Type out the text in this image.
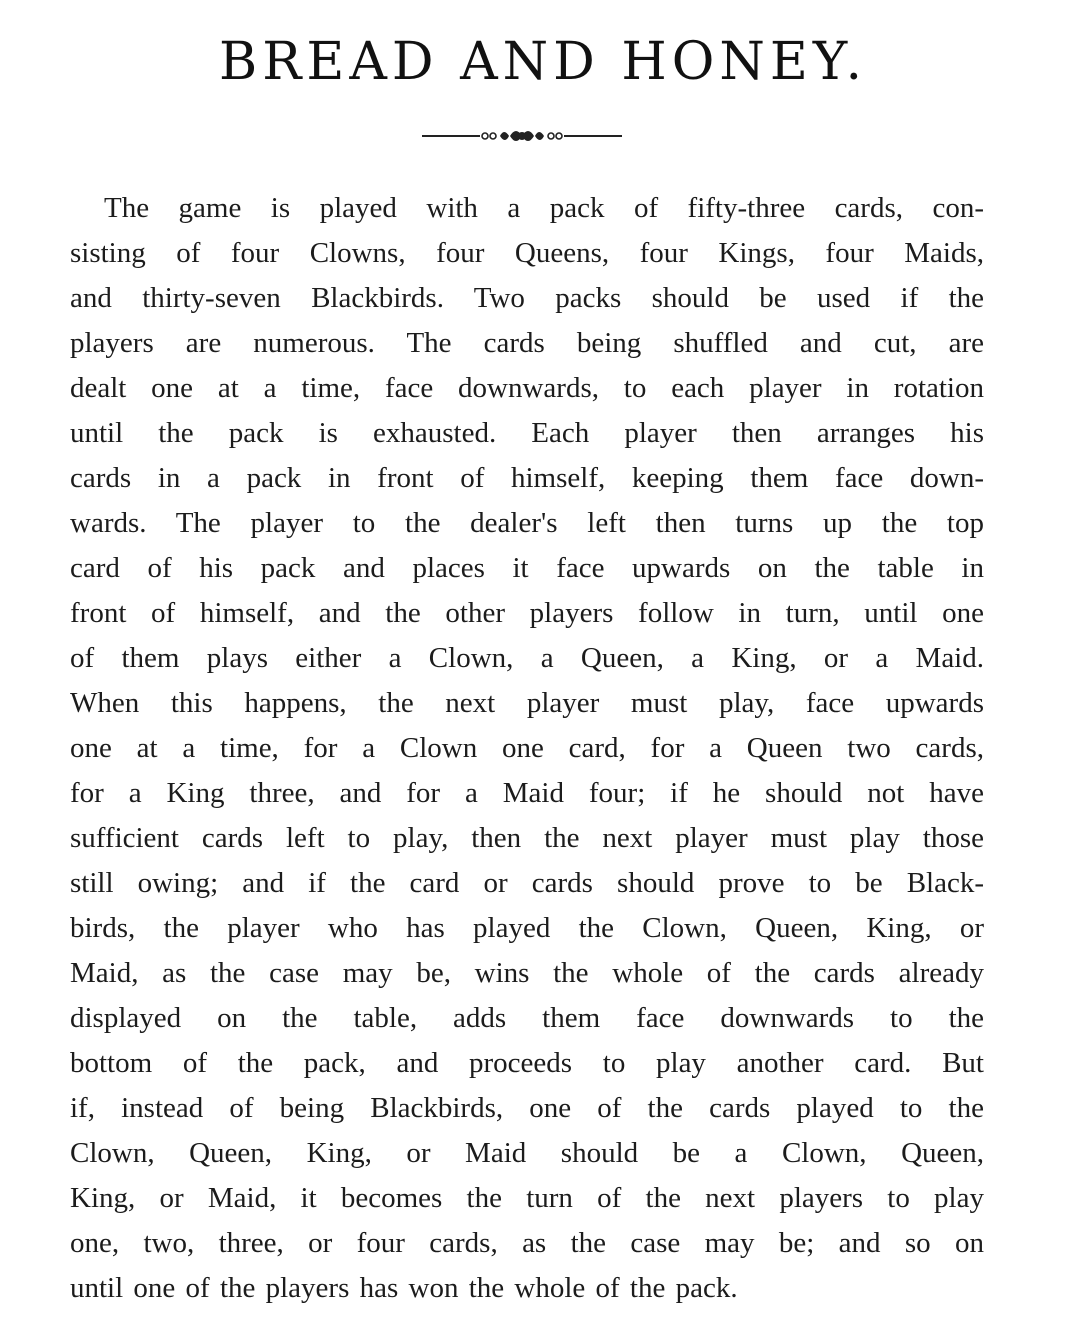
BREAD AND HONEY.
The game is played with a pack of fifty-three cards, con-
sisting of four Clowns, four Queens, four Kings, four Maids,
and thirty-seven Blackbirds. Two packs should be used if the
players are numerous. The cards being shuffled and cut, are
dealt one at a time, face downwards, to each player in rotation
until the pack is exhausted. Each player then arranges his
cards in a pack in front of himself, keeping them face down-
wards. The player to the dealer's left then turns up the top
card of his pack and places it face upwards on the table in
front of himself, and the other players follow in turn, until one
of them plays either a Clown, a Queen, a King, or a Maid.
When this happens, the next player must play, face upwards
one at a time, for a Clown one card, for a Queen two cards,
for a King three, and for a Maid four; if he should not have
sufficient cards left to play, then the next player must play those
still owing; and if the card or cards should prove to be Black-
birds, the player who has played the Clown, Queen, King, or
Maid, as the case may be, wins the whole of the cards already
displayed on the table, adds them face downwards to the
bottom of the pack, and proceeds to play another card. But
if, instead of being Blackbirds, one of the cards played to the
Clown, Queen, King, or Maid should be a Clown, Queen,
King, or Maid, it becomes the turn of the next players to play
one, two, three, or four cards, as the case may be; and so on
until one of the players has won the whole of the pack.
